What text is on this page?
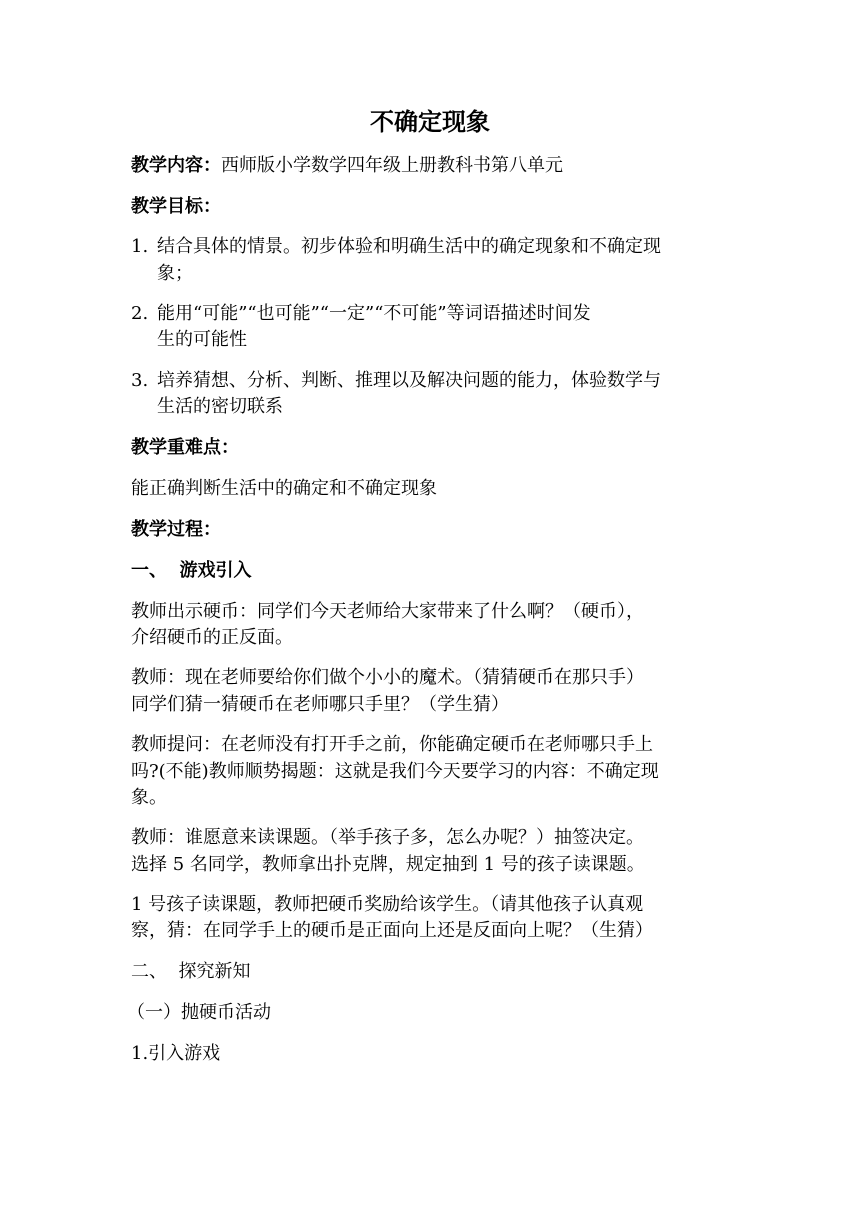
不确定现象
教学内容：西师版小学数学四年级上册教科书第八单元
教学目标：
1. 结合具体的情景。初步体验和明确生活中的确定现象和不确定现
象；
2. 能用“可能”“也可能”“一定”“不可能”等词语描述时间发
生的可能性
3. 培养猜想、分析、判断、推理以及解决问题的能力，体验数学与
生活的密切联系
教学重难点：
能正确判断生活中的确定和不确定现象
教学过程：
一、  游戏引入
教师出示硬币：同学们今天老师给大家带来了什么啊？（硬币），
介绍硬币的正反面。
教师：现在老师要给你们做个小小的魔术。（猜猜硬币在那只手）
同学们猜一猜硬币在老师哪只手里？（学生猜）
教师提问：在老师没有打开手之前，你能确定硬币在老师哪只手上
吗?(不能)教师顺势揭题：这就是我们今天要学习的内容：不确定现
象。
教师：谁愿意来读课题。（举手孩子多，怎么办呢？）抽签决定。
选择 5 名同学，教师拿出扑克牌，规定抽到 1 号的孩子读课题。
1 号孩子读课题，教师把硬币奖励给该学生。（请其他孩子认真观
察，猜：在同学手上的硬币是正面向上还是反面向上呢？（生猜）
二、  探究新知
（一）抛硬币活动
1.引入游戏
